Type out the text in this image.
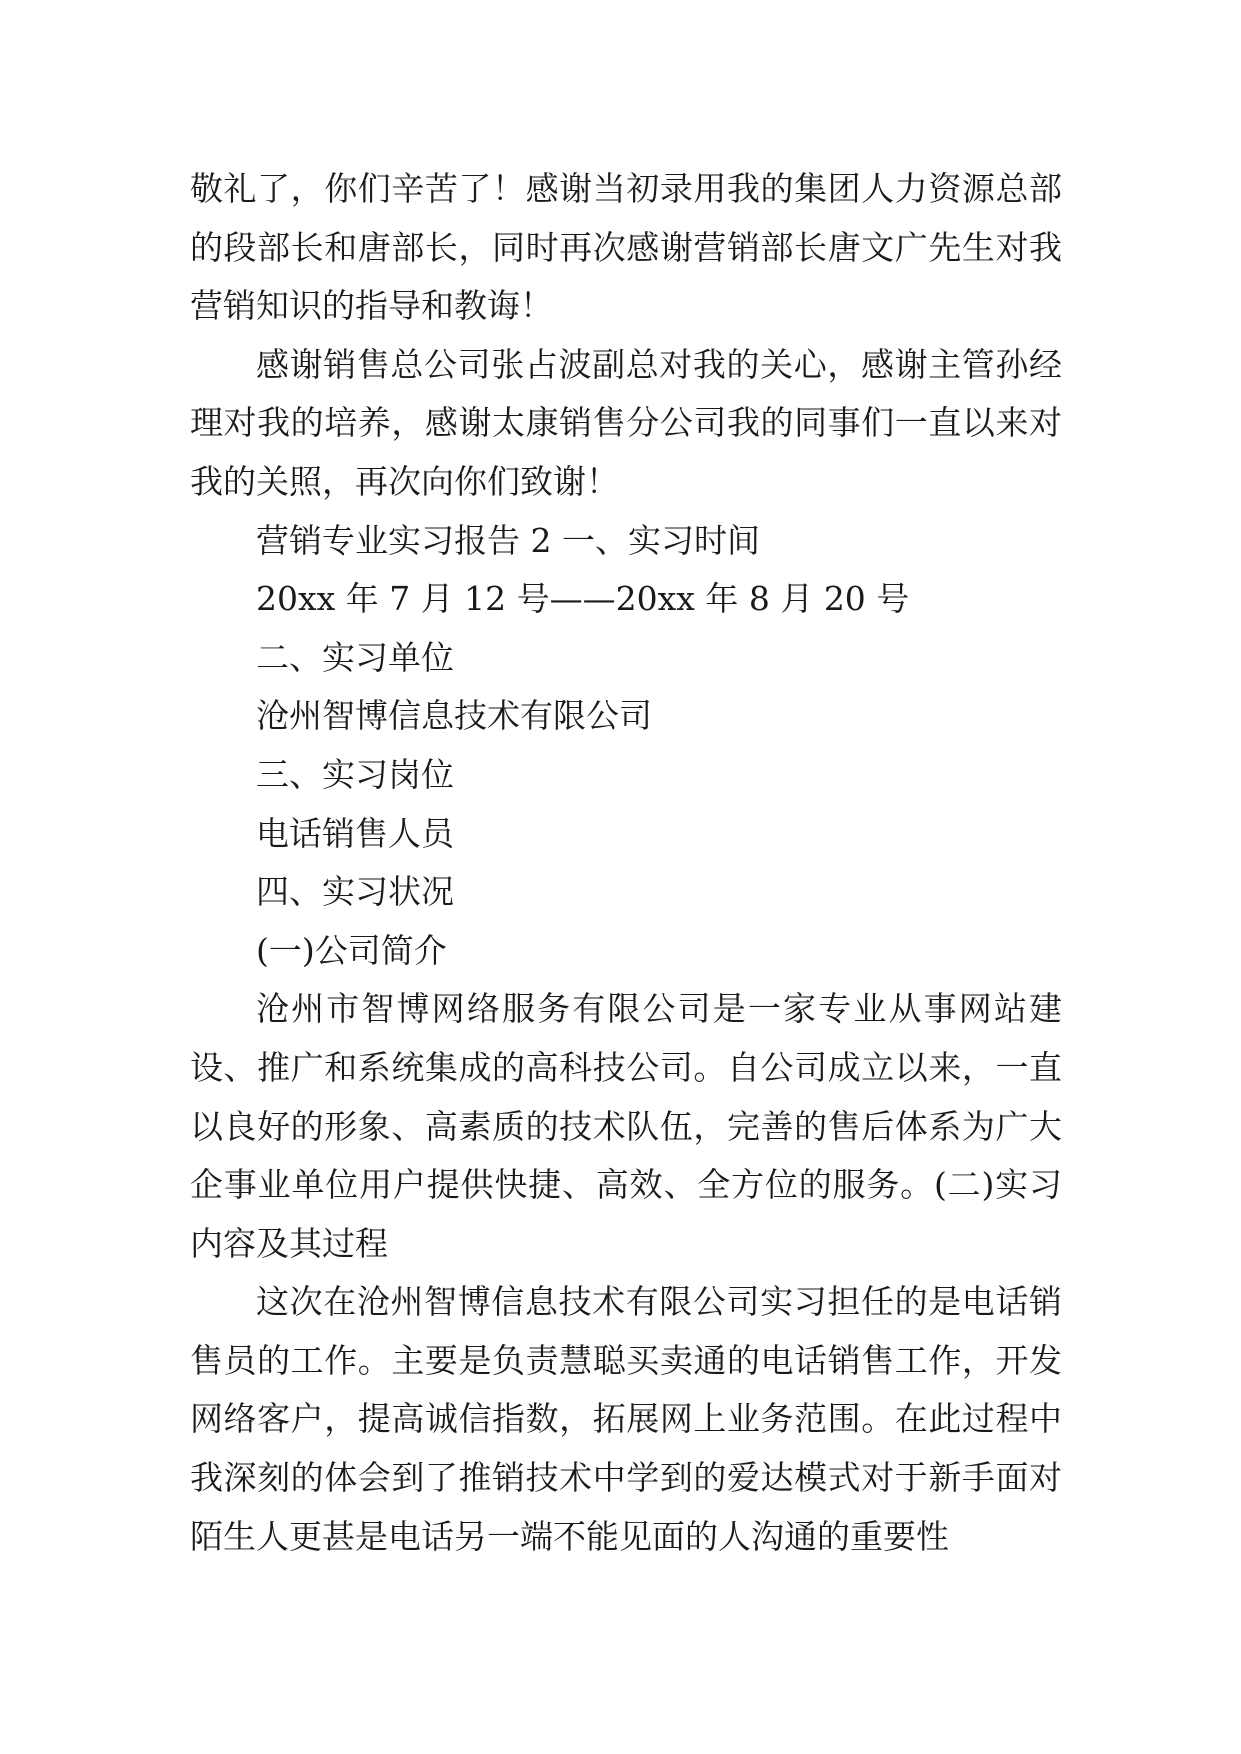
敬礼了，你们辛苦了！感谢当初录用我的集团人力资源总部的段部长和唐部长，同时再次感谢营销部长唐文广先生对我营销知识的指导和教诲！

感谢销售总公司张占波副总对我的关心，感谢主管孙经理对我的培养，感谢太康销售分公司我的同事们一直以来对我的关照，再次向你们致谢！

营销专业实习报告 2 一、实习时间

20xx 年 7 月 12 号——20xx 年 8 月 20 号

二、实习单位

沧州智博信息技术有限公司

三、实习岗位

电话销售人员

四、实习状况

(一)公司简介

沧州市智博网络服务有限公司是一家专业从事网站建设、推广和系统集成的高科技公司。自公司成立以来，一直以良好的形象、高素质的技术队伍，完善的售后体系为广大企事业单位用户提供快捷、高效、全方位的服务。(二)实习内容及其过程

这次在沧州智博信息技术有限公司实习担任的是电话销售员的工作。主要是负责慧聪买卖通的电话销售工作，开发网络客户，提高诚信指数，拓展网上业务范围。在此过程中我深刻的体会到了推销技术中学到的爱达模式对于新手面对陌生人更甚是电话另一端不能见面的人沟通的重要性
